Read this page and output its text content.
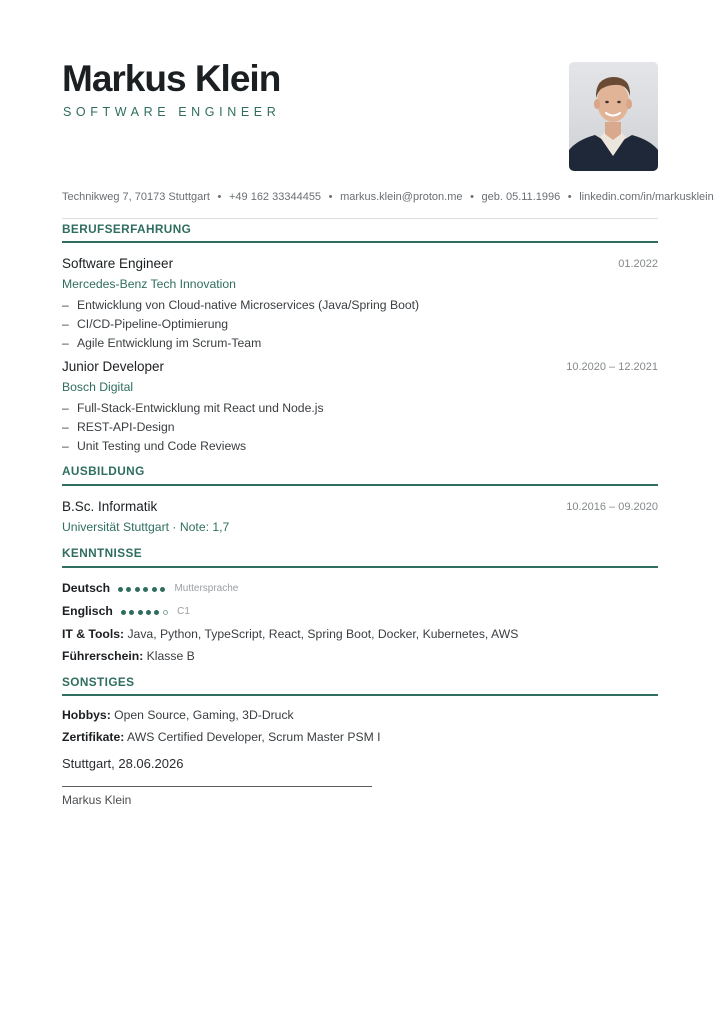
Markus Klein
SOFTWARE ENGINEER
Technikweg 7, 70173 Stuttgart • +49 162 33344455 • markus.klein@proton.me • geb. 05.11.1996 • linkedin.com/in/markusklein
BERUFSERFAHRUNG
Software Engineer	01.2022
Mercedes-Benz Tech Innovation
– Entwicklung von Cloud-native Microservices (Java/Spring Boot)
– CI/CD-Pipeline-Optimierung
– Agile Entwicklung im Scrum-Team
Junior Developer	10.2020 – 12.2021
Bosch Digital
– Full-Stack-Entwicklung mit React und Node.js
– REST-API-Design
– Unit Testing und Code Reviews
AUSBILDUNG
B.Sc. Informatik	10.2016 – 09.2020
Universität Stuttgart · Note: 1,7
KENNTNISSE
Deutsch	Muttersprache
Englisch	C1
IT & Tools: Java, Python, TypeScript, React, Spring Boot, Docker, Kubernetes, AWS
Führerschein: Klasse B
SONSTIGES
Hobbys: Open Source, Gaming, 3D-Druck
Zertifikate: AWS Certified Developer, Scrum Master PSM I
Stuttgart, 28.06.2026
Markus Klein
